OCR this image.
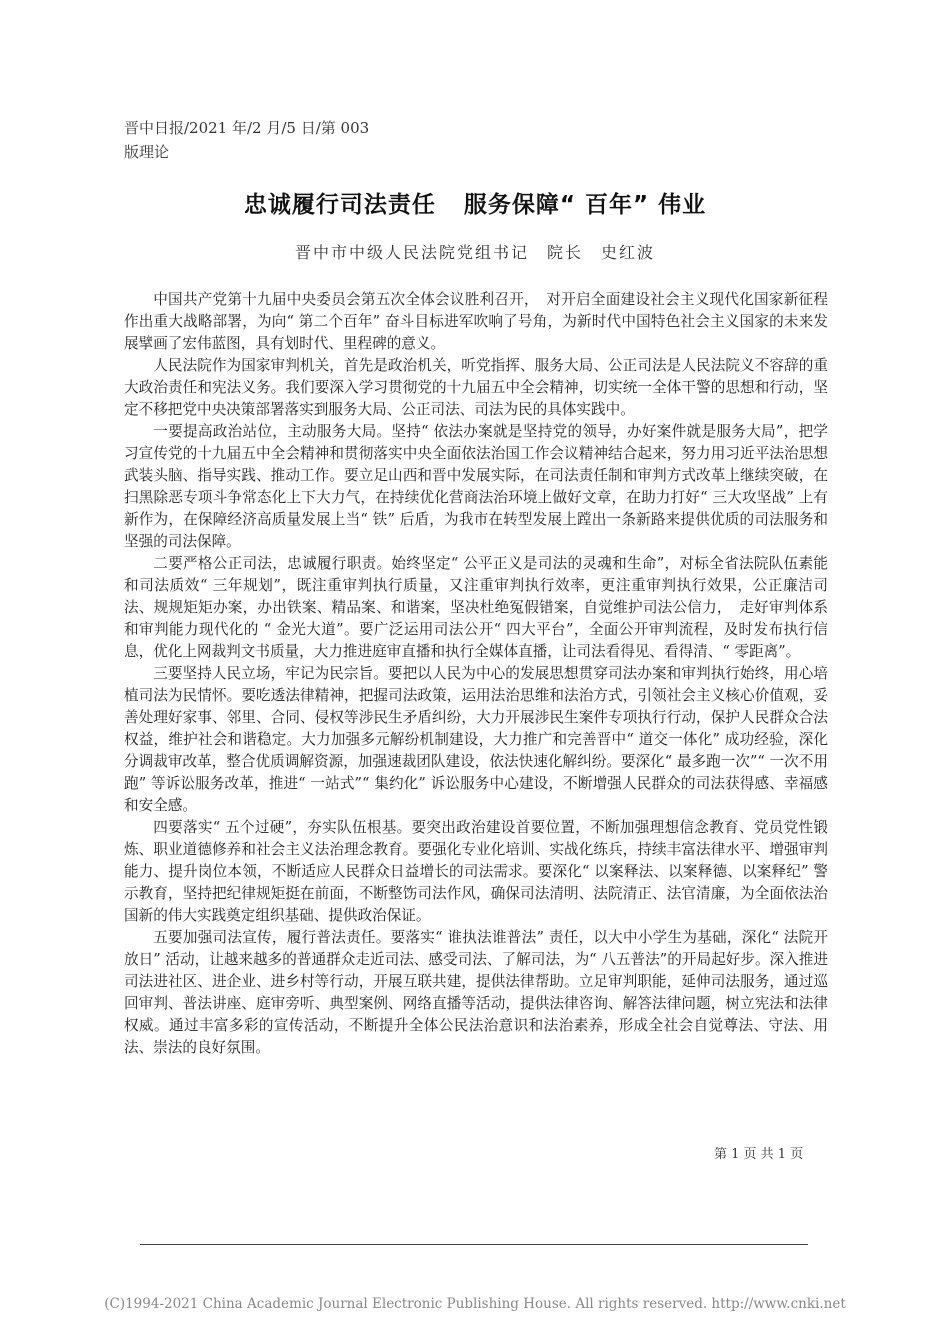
晋中日报/2021 年/2 月/5 日/第 003
版理论
忠诚履行司法责任 服务保障“ 百年” 伟业
晋中市中级人民法院党组书记　院长　史红波

中国共产党第十九届中央委员会第五次全体会议胜利召开，　对开启全面建设社会主义现代化国家新征程作出重大战略部署，为向“ 第二个百年” 奋斗目标进军吹响了号角，为新时代中国特色社会主义国家的未来发展擘画了宏伟蓝图，具有划时代、里程碑的意义。

人民法院作为国家审判机关，首先是政治机关，听党指挥、服务大局、公正司法是人民法院义不容辞的重大政治责任和宪法义务。我们要深入学习贯彻党的十九届五中全会精神，切实统一全体干警的思想和行动，坚定不移把党中央决策部署落实到服务大局、公正司法、司法为民的具体实践中。

一要提高政治站位，主动服务大局。坚持“ 依法办案就是坚持党的领导，办好案件就是服务大局”，把学习宣传党的十九届五中全会精神和贯彻落实中央全面依法治国工作会议精神结合起来，努力用习近平法治思想武装头脑、指导实践、推动工作。要立足山西和晋中发展实际，在司法责任制和审判方式改革上继续突破，在扫黑除恶专项斗争常态化上下大力气，在持续优化营商法治环境上做好文章，在助力打好“ 三大攻坚战” 上有新作为，在保障经济高质量发展上当“ 铁” 后盾，为我市在转型发展上蹚出一条新路来提供优质的司法服务和坚强的司法保障。

二要严格公正司法，忠诚履行职责。始终坚定“ 公平正义是司法的灵魂和生命”，对标全省法院队伍素能和司法质效“ 三年规划”，既注重审判执行质量，又注重审判执行效率，更注重审判执行效果，公正廉洁司法、规规矩矩办案，办出铁案、精品案、和谐案，坚决杜绝冤假错案，自觉维护司法公信力，　走好审判体系和审判能力现代化的 “ 金光大道”。要广泛运用司法公开“ 四大平台”，全面公开审判流程，及时发布执行信息，优化上网裁判文书质量，大力推进庭审直播和执行全媒体直播，让司法看得见、看得清、“ 零距离”。

三要坚持人民立场，牢记为民宗旨。要把以人民为中心的发展思想贯穿司法办案和审判执行始终，用心培植司法为民情怀。要吃透法律精神，把握司法政策，运用法治思维和法治方式，引领社会主义核心价值观，妥善处理好家事、邻里、合同、侵权等涉民生矛盾纠纷，大力开展涉民生案件专项执行行动，保护人民群众合法权益，维护社会和谐稳定。大力加强多元解纷机制建设，大力推广和完善晋中“ 道交一体化” 成功经验，深化分调裁审改革，整合优质调解资源，加强速裁团队建设，依法快速化解纠纷。要深化“ 最多跑一次”“ 一次不用跑” 等诉讼服务改革，推进“ 一站式”“ 集约化” 诉讼服务中心建设，不断增强人民群众的司法获得感、幸福感和安全感。

四要落实“ 五个过硬”，夯实队伍根基。要突出政治建设首要位置，不断加强理想信念教育、党员党性锻炼、职业道德修养和社会主义法治理念教育。要强化专业化培训、实战化练兵，持续丰富法律水平、增强审判能力、提升岗位本领，不断适应人民群众日益增长的司法需求。要深化“ 以案释法、以案释德、以案释纪” 警示教育，坚持把纪律规矩挺在前面，不断整饬司法作风，确保司法清明、法院清正、法官清廉，为全面依法治国新的伟大实践奠定组织基础、提供政治保证。

五要加强司法宣传，履行普法责任。要落实“ 谁执法谁普法” 责任，以大中小学生为基础，深化“ 法院开放日” 活动，让越来越多的普通群众走近司法、感受司法、了解司法，为“ 八五普法”的开局起好步。深入推进司法进社区、进企业、进乡村等行动，开展互联共建，提供法律帮助。立足审判职能，延伸司法服务，通过巡回审判、普法讲座、庭审旁听、典型案例、网络直播等活动，提供法律咨询、解答法律问题，树立宪法和法律权威。通过丰富多彩的宣传活动，不断提升全体公民法治意识和法治素养，形成全社会自觉尊法、守法、用法、崇法的良好氛围。

第 1 页 共 1 页
(C)1994-2021 China Academic Journal Electronic Publishing House. All rights reserved. http://www.cnki.net
